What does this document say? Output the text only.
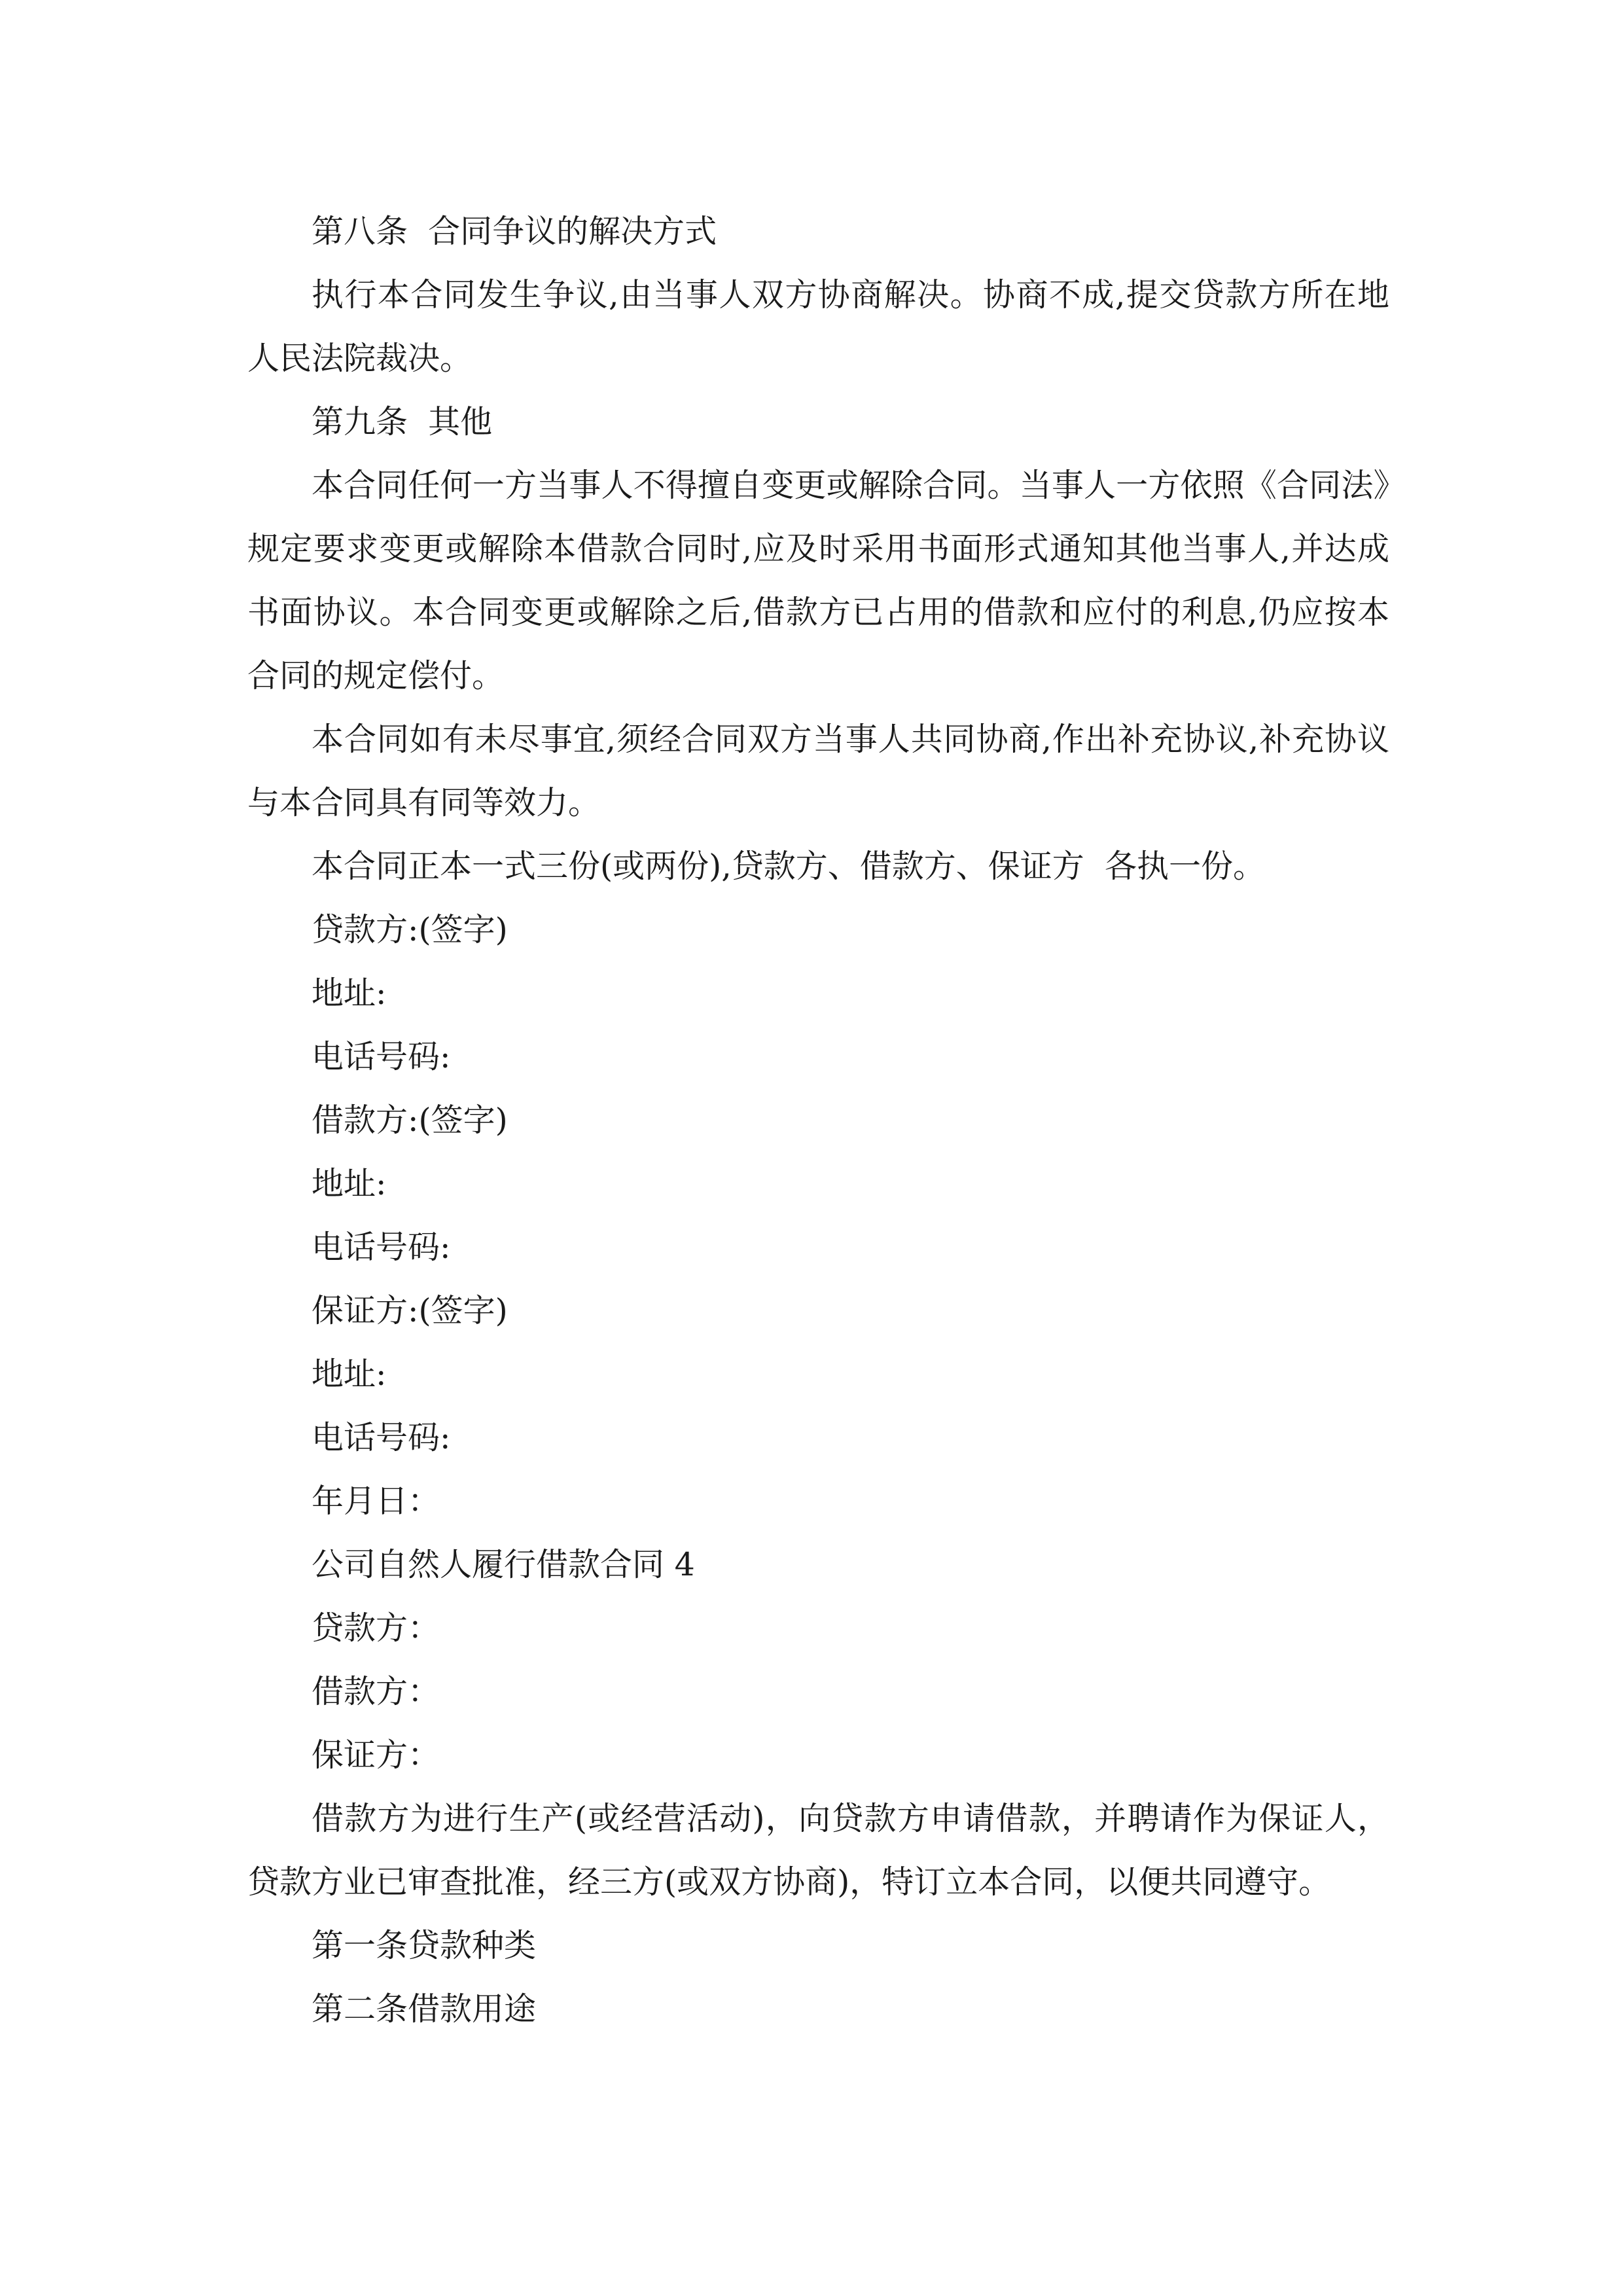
第八条  合同争议的解决方式

执行本合同发生争议,由当事人双方协商解决。协商不成,提交贷款方所在地人民法院裁决。

第九条  其他

本合同任何一方当事人不得擅自变更或解除合同。当事人一方依照《合同法》规定要求变更或解除本借款合同时,应及时采用书面形式通知其他当事人,并达成书面协议。本合同变更或解除之后,借款方已占用的借款和应付的利息,仍应按本合同的规定偿付。

本合同如有未尽事宜,须经合同双方当事人共同协商,作出补充协议,补充协议与本合同具有同等效力。

本合同正本一式三份(或两份),贷款方、借款方、保证方  各执一份。

贷款方:(签字)

地址:

电话号码:

借款方:(签字)

地址:

电话号码:

保证方:(签字)

地址:

电话号码:

年月日：

公司自然人履行借款合同 4

贷款方：

借款方：

保证方：

借款方为进行生产(或经营活动)，向贷款方申请借款，并聘请作为保证人，贷款方业已审查批准，经三方(或双方协商)，特订立本合同，以便共同遵守。

第一条贷款种类

第二条借款用途
